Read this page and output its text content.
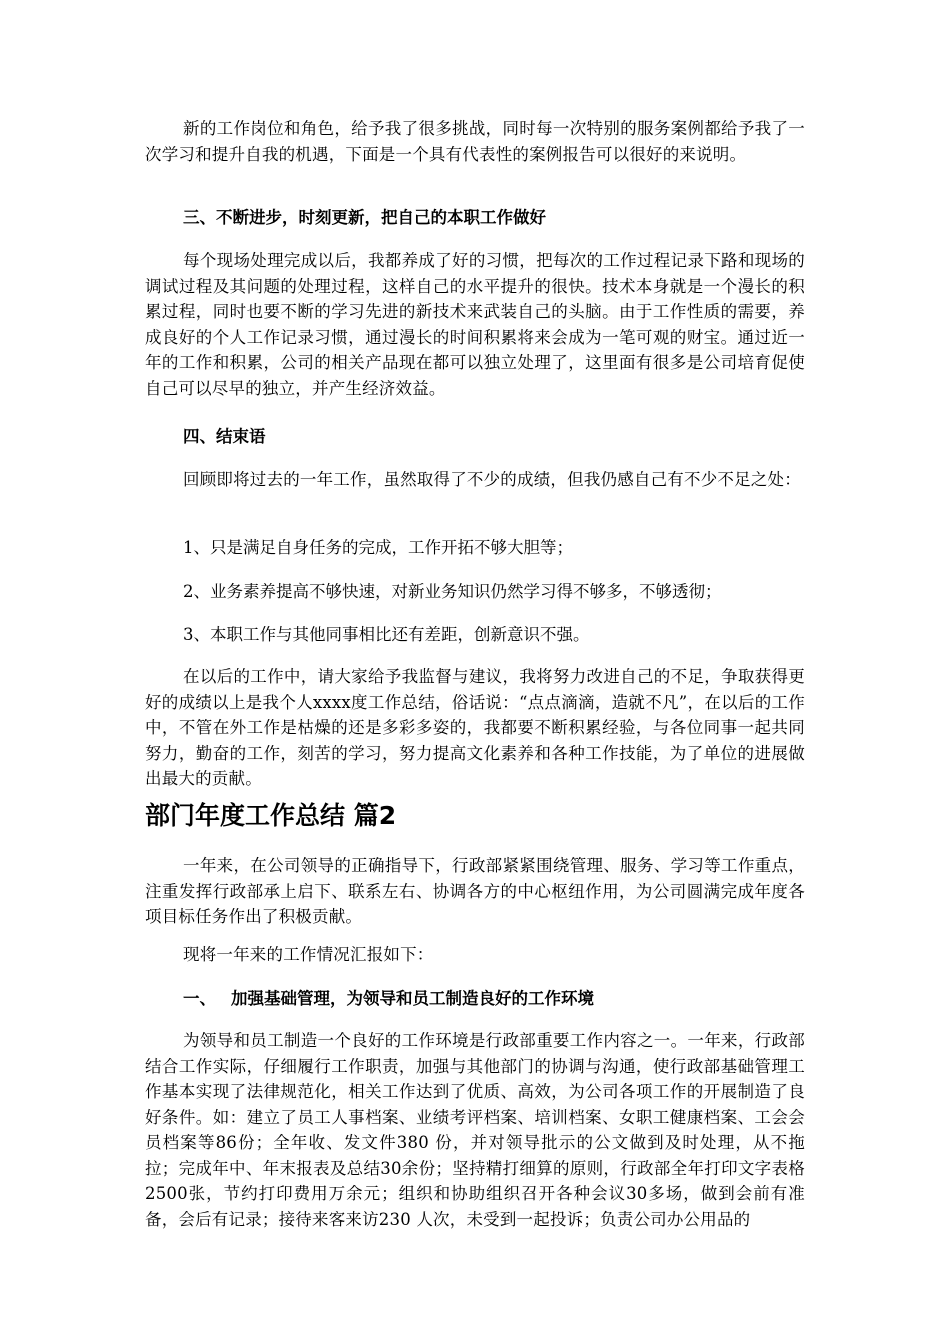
新的工作岗位和角色，给予我了很多挑战，同时每一次特别的服务案例都给予我了一次学习和提升自我的机遇，下面是一个具有代表性的案例报告可以很好的来说明。

三、不断进步，时刻更新，把自己的本职工作做好

每个现场处理完成以后，我都养成了好的习惯，把每次的工作过程记录下路和现场的调试过程及其问题的处理过程，这样自己的水平提升的很快。技术本身就是一个漫长的积累过程，同时也要不断的学习先进的新技术来武装自己的头脑。由于工作性质的需要，养成良好的个人工作记录习惯，通过漫长的时间积累将来会成为一笔可观的财宝。通过近一年的工作和积累，公司的相关产品现在都可以独立处理了，这里面有很多是公司培育促使自己可以尽早的独立，并产生经济效益。

四、结束语

回顾即将过去的一年工作，虽然取得了不少的成绩，但我仍感自己有不少不足之处：

1、只是满足自身任务的完成，工作开拓不够大胆等；

2、业务素养提高不够快速，对新业务知识仍然学习得不够多，不够透彻；

3、本职工作与其他同事相比还有差距，创新意识不强。

在以后的工作中，请大家给予我监督与建议，我将努力改进自己的不足，争取获得更好的成绩以上是我个人xxxx度工作总结，俗话说：“点点滴滴，造就不凡”，在以后的工作中，不管在外工作是枯燥的还是多彩多姿的，我都要不断积累经验，与各位同事一起共同努力，勤奋的工作，刻苦的学习，努力提高文化素养和各种工作技能，为了单位的进展做出最大的贡献。

部门年度工作总结 篇2

一年来，在公司领导的正确指导下，行政部紧紧围绕管理、服务、学习等工作重点，注重发挥行政部承上启下、联系左右、协调各方的中心枢纽作用，为公司圆满完成年度各项目标任务作出了积极贡献。

现将一年来的工作情况汇报如下：

一、 加强基础管理，为领导和员工制造良好的工作环境

为领导和员工制造一个良好的工作环境是行政部重要工作内容之一。一年来，行政部结合工作实际，仔细履行工作职责，加强与其他部门的协调与沟通，使行政部基础管理工作基本实现了法律规范化，相关工作达到了优质、高效，为公司各项工作的开展制造了良好条件。如：建立了员工人事档案、业绩考评档案、培训档案、女职工健康档案、工会会员档案等86份；全年收、发文件380 份，并对领导批示的公文做到及时处理，从不拖拉；完成年中、年末报表及总结30余份；坚持精打细算的原则，行政部全年打印文字表格2500张，节约打印费用万余元；组织和协助组织召开各种会议30多场，做到会前有准备，会后有记录；接待来客来访230 人次，未受到一起投诉；负责公司办公用品的
